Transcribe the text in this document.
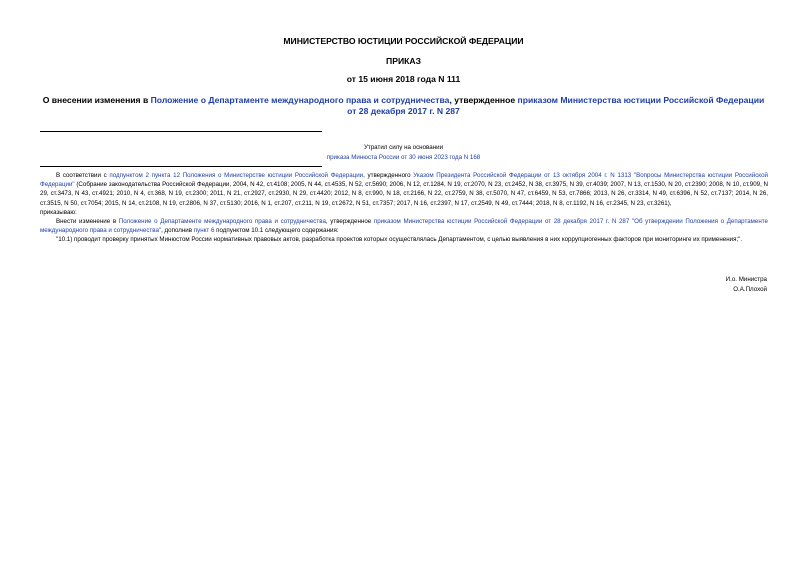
МИНИСТЕРСТВО ЮСТИЦИИ РОССИЙСКОЙ ФЕДЕРАЦИИ
ПРИКАЗ
от 15 июня 2018 года N 111
О внесении изменения в Положение о Департаменте международного права и сотрудничества, утвержденное приказом Министерства юстиции Российской Федерации от 28 декабря 2017 г. N 287
Утратил силу на основании
приказа Минюста России от 30 июня 2023 года N 168

В соответствии с подпунктом 2 пункта 12 Положения о Министерстве юстиции Российской Федерации, утвержденного Указом Президента Российской Федерации от 13 октября 2004 г. N 1313 "Вопросы Министерства юстиции Российской Федерации" (Собрание законодательства Российской Федерации, 2004, N 42, ст.4108; 2005, N 44, ст.4535, N 52, ст.5690; 2006, N 12, ст.1284, N 19, ст.2070, N 23, ст.2452, N 38, ст.3975, N 39, ст.4039; 2007, N 13, ст.1530, N 20, ст.2390; 2008, N 10, ст.909, N 29, ст.3473, N 43, ст.4921; 2010, N 4, ст.368, N 19, ст.2300; 2011, N 21, ст.2927, ст.2930, N 29, ст.4420; 2012, N 8, ст.990, N 18, ст.2166, N 22, ст.2759, N 38, ст.5070, N 47, ст.6459, N 53, ст.7866; 2013, N 26, ст.3314, N 49, ст.6396, N 52, ст.7137; 2014, N 26, ст.3515, N 50, ст.7054; 2015, N 14, ст.2108, N 19, ст.2806, N 37, ст.5130; 2016, N 1, ст.207, ст.211, N 19, ст.2672, N 51, ст.7357; 2017, N 16, ст.2397, N 17, ст.2549, N 49, ст.7444; 2018, N 8, ст.1192, N 16, ст.2345, N 23, ст.3261),

приказываю:

Внести изменение в Положение о Департаменте международного права и сотрудничества, утвержденное приказом Министерства юстиции Российской Федерации от 28 декабря 2017 г. N 287 "Об утверждении Положения о Департаменте международного права и сотрудничества", дополнив пункт 6 подпунктом 10.1 следующего содержания:

"10.1) проводит проверку принятых Минюстом России нормативных правовых актов, разработка проектов которых осуществлялась Департаментом, с целью выявления в них коррупциогенных факторов при мониторинге их применения;".

И.о. Министра
О.А.Плохой
